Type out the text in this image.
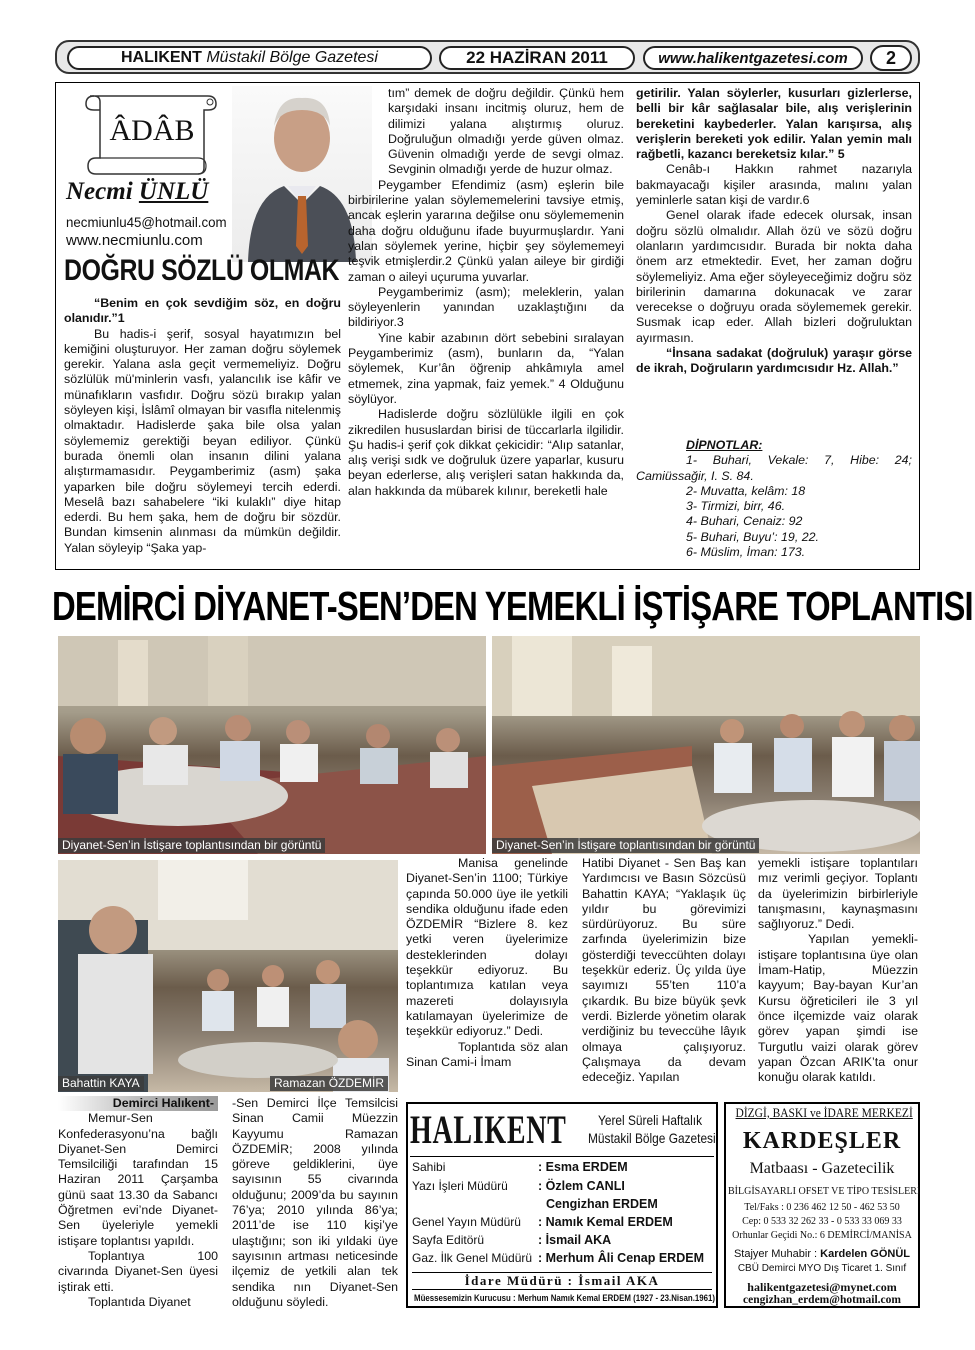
HALIKENT
Müstakil Bölge Gazetesi	22 HAZİRAN 2011	www.halikentgazetesi.com 2
ÂDÂB
Necmi ÜNLÜ
necmiunlu45@hotmail.com
www.necmiunlu.com
DOĞRU SÖZLÜ OLMAK

“Benim en çok sevdiğim söz, en doğru olanıdır.”1

Bu hadis-i şerif, sosyal hayatımızın bel kemiğini oluşturuyor. Her zaman doğru söylemek gerekir. Yalana asla geçit vermemeliyiz. Doğru sözlülük mü'minlerin vasfı, yalancılık ise kâfir ve münafıkların vasfıdır. Doğru sözü bırakıp yalan söyleyen kişi, İslâmî olmayan bir vasıfla nitelenmiş olmaktadır. Hadislerde şaka bile olsa yalan söylememiz gerektiği beyan ediliyor. Çünkü burada önemli olan insanın dilini yalana alıştırmamasıdır. Peygamberimiz (asm) şaka yaparken bile doğru söylemeyi tercih ederdi. Meselâ bazı sahabelere “iki kulaklı” diye hitap ederdi. Bu hem şaka, hem de doğru bir sözdür. Bundan kimsenin alınması da mümkün değildir. Yalan söyleyip “Şaka yap-

tım” demek de doğru değildir. Çünkü hem karşıdaki insanı incitmiş oluruz, hem de dilimizi yalana alıştırmış oluruz. Doğruluğun olmadığı yerde güven olmaz. Güvenin olmadığı yerde de sevgi olmaz. Sevginin olmadığı yerde de huzur olmaz.

Peygamber Efendimiz (asm) eşlerin bile birbirilerine yalan söylememelerini tavsiye etmiş, ancak eşlerin yararına değilse onu söylememenin daha doğru olduğunu ifade buyurmuşlardır. Yani yalan söylemek yerine, hiçbir şey söylememeyi teşvik etmişlerdir.2 Çünkü yalan aileye bir girdiği zaman o aileyi uçuruma yuvarlar.

Peygamberimiz (asm); meleklerin, yalan söyleyenlerin yanından uzaklaştığını da bildiriyor.3

Yine kabir azabının dört sebebini sıralayan Peygamberimiz (asm), bunların da, “Yalan söylemek, Kur’ân öğrenip ahkâmıyla amel etmemek, zina yapmak, faiz yemek.” 4 Olduğunu söylüyor.

Hadislerde doğru sözlülükle ilgili en çok zikredilen hususlardan birisi de tüccarlarla ilgilidir. Şu hadis-i şerif çok dikkat çekicidir: “Alıp satanlar, alış verişi sıdk ve doğruluk üzere yaparlar, kusuru beyan ederlerse, alış verişleri satan hakkında da, alan hakkında da mübarek kılınır, bereketli hale

getirilir. Yalan söylerler, kusurları gizlerlerse, belli bir kâr sağlasalar bile, alış verişlerinin bereketini kaybederler. Yalan karışırsa, alış verişlerin bereketi yok edilir. Yalan yemin malı rağbetli, kazancı bereketsiz kılar.” 5

Cenâb-ı Hakkın rahmet nazarıyla bakmayacağı kişiler arasında, malını yalan yeminlerle satan kişi de vardır.6

Genel olarak ifade edecek olursak, insan doğru sözlü olmalıdır. Allah özü ve sözü doğru olanların yardımcısıdır. Burada bir nokta daha önem arz etmektedir. Evet, her zaman doğru söylemeliyiz. Ama eğer söyleyeceğimiz doğru söz birilerinin damarına dokunacak ve zarar verecekse o doğruyu orada söylememek gerekir. Susmak icap eder. Allah bizleri doğruluktan ayırmasın.

“İnsana sadakat (doğruluk) yaraşır görse de ikrah, Doğruların yardımcısıdır Hz. Allah.”

DİPNOTLAR:

1- Buhari, Vekale: 7, Hibe: 24; Camiüssağir, I. S. 84.

2- Muvatta, kelâm: 18

3- Tirmizi, birr, 46.

4- Buhari, Cenaiz: 92

5- Buhari, Buyu’: 19, 22.

6- Müslim, İman: 173.

DEMİRCİ DİYANET-SEN’DEN YEMEKLİ İŞTİŞARE TOPLANTISI
Diyanet-Sen’in İstişare toplantısından bir görüntü	Diyanet-Sen’in İstişare toplantısından bir görüntü
Bahattin KAYA	Ramazan ÖZDEMİR

Demirci Halıkent-

Memur-Sen Konfederasyonu’na bağlı Diyanet-Sen Demirci Temsilciliği tarafından 15 Haziran 2011 Çarşamba günü saat 13.30 da Sabancı Öğretmen evi’nde Diyanet-Sen üyeleriyle yemekli istişare toplantısı yapıldı.

Toplantıya 100 civarında Diyanet-Sen üyesi iştirak etti.

Toplantıda Diyanet

-Sen Demirci İlçe Temsilcisi Sinan Camii Müezzin Kayyumu Ramazan ÖZDEMİR; 2008 yılında göreve geldiklerini, üye sayısının 55 civarında olduğunu; 2009’da bu sayının 76’ya; 2010 yılında 86’ya; 2011’de ise 110 kişi’ye ulaştığını; son iki yıldaki üye sayısının artması neticesinde ilçemiz de yetkili alan tek sendika nın Diyanet-Sen olduğunu söyledi.

Manisa genelinde Diyanet-Sen’in 1100; Türkiye çapında 50.000 üye ile yetkili sendika olduğunu ifade eden ÖZDEMİR “Bizlere 8. kez yetki veren üyelerimize desteklerinden dolayı teşekkür ediyoruz. Bu toplantımıza katılan veya mazereti dolayısıyla katılamayan üyelerimize de teşekkür ediyoruz.” Dedi.

Toplantıda söz alan Sinan Cami-i İmam

Hatibi Diyanet - Sen Baş kan Yardımcısı ve Basın Sözcüsü Bahattin KAYA; “Yaklaşık üç yıldır bu görevimizi sürdürüyoruz. Bu süre zarfında üyelerimizin bize gösterdiği teveccühten dolayı teşekkür ederiz. Üç yılda üye sayımızı 55’ten 110’a çıkardık. Bu bize büyük şevk verdi. Bizlerde yönetim olarak verdiğiniz bu teveccühe lâyık olmaya çalışıyoruz. Çalışmaya da devam edeceğiz. Yapılan

yemekli istişare toplantıları mız verimli geçiyor. Toplantı da üyelerimizin birbirleriyle tanışmasını, kaynaşmasını sağlıyoruz.” Dedi.

Yapılan yemekli-istişare toplantısına üye olan İmam-Hatip, Müezzin kayyum; Bay-bayan Kur’an Kursu öğreticileri ile 3 yıl önce ilçemizde vaiz olarak görev yapan şimdi ise Turgutlu vaizi olarak görev yapan Özcan ARIK’ta onur konuğu olarak katıldı.

HALIKENT Yerel Süreli Haftalık
Müstakil Bölge Gazetesi
Sahibi	: Esma ERDEM
Yazı İşleri Müdürü : Özlem CANLI
Cengizhan ERDEM
Genel Yayın Müdürü : Namık Kemal ERDEM
Sayfa Editörü	: İsmail AKA
Gaz. İlk Genel Müdürü : Merhum Âli Cenap ERDEM
İdare Müdürü : İsmail AKA
Müessesemizin Kurucusu : Merhum Namık Kemal ERDEM (1927 - 23.Nisan.1961)
DİZGİ, BASKI ve İDARE MERKEZİ
KARDEŞLER
Matbaası - Gazetecilik
BİLGİSAYARLI OFSET VE TİPO TESİSLERİ
Tel/Faks : 0 236 462 12 50 - 462 53 50
Cep: 0 533 32 262 33 - 0 533 33 069 33
Orhunlar Geçidi No.: 6 DEMİRCİ/MANİSA
Stajyer Muhabir : Kardelen GÖNÜL
CBÜ Demirci MYO Dış Ticaret 1. Sınıf
halikentgazetesi@mynet.com
cengizhan_erdem@hotmail.com
